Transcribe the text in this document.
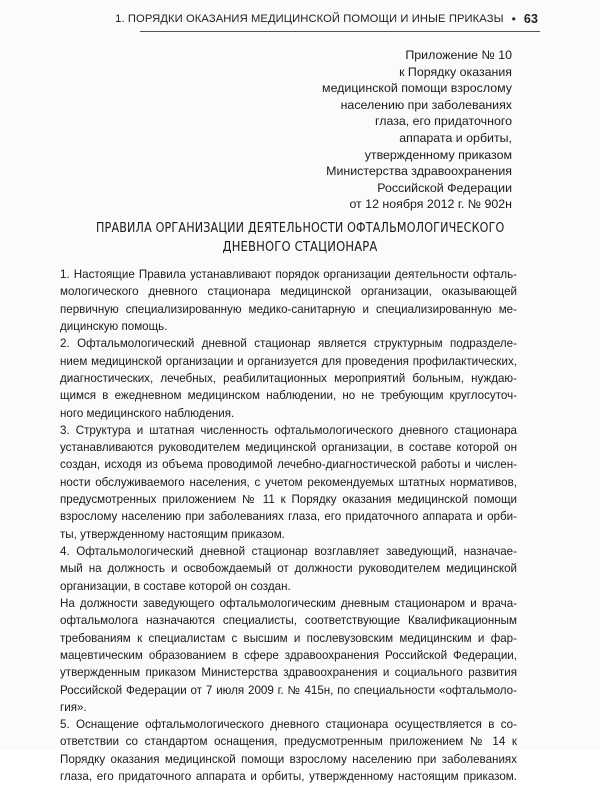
1. ПОРЯДКИ ОКАЗАНИЯ МЕДИЦИНСКОЙ ПОМОЩИ И ИНЫЕ ПРИКАЗЫ • 63
Приложение № 10
к Порядку оказания
медицинской помощи взрослому
населению при заболеваниях
глаза, его придаточного
аппарата и орбиты,
утвержденному приказом
Министерства здравоохранения
Российской Федерации
от 12 ноября 2012 г. № 902н
ПРАВИЛА ОРГАНИЗАЦИИ ДЕЯТЕЛЬНОСТИ ОФТАЛЬМОЛОГИЧЕСКОГО
ДНЕВНОГО СТАЦИОНАРА
1. Настоящие Правила устанавливают порядок организации деятельности офталь-
мологического дневного стационара медицинской организации, оказывающей
первичную специализированную медико-санитарную и специализированную ме-
дицинскую помощь.
2. Офтальмологический дневной стационар является структурным подразделе-
нием медицинской организации и организуется для проведения профилактических,
диагностических, лечебных, реабилитационных мероприятий больным, нуждаю-
щимся в ежедневном медицинском наблюдении, но не требующим круглосуточ-
ного медицинского наблюдения.
3. Структура и штатная численность офтальмологического дневного стационара
устанавливаются руководителем медицинской организации, в составе которой он
создан, исходя из объема проводимой лечебно-диагностической работы и числен-
ности обслуживаемого населения, с учетом рекомендуемых штатных нормативов,
предусмотренных приложением № 11 к Порядку оказания медицинской помощи
взрослому населению при заболеваниях глаза, его придаточного аппарата и орби-
ты, утвержденному настоящим приказом.
4. Офтальмологический дневной стационар возглавляет заведующий, назначае-
мый на должность и освобождаемый от должности руководителем медицинской
организации, в составе которой он создан.
На должности заведующего офтальмологическим дневным стационаром и врача-
офтальмолога назначаются специалисты, соответствующие Квалификационным
требованиям к специалистам с высшим и послевузовским медицинским и фар-
мацевтическим образованием в сфере здравоохранения Российской Федерации,
утвержденным приказом Министерства здравоохранения и социального развития
Российской Федерации от 7 июля 2009 г. № 415н, по специальности «офтальмоло-
гия».
5. Оснащение офтальмологического дневного стационара осуществляется в со-
ответствии со стандартом оснащения, предусмотренным приложением № 14 к
Порядку оказания медицинской помощи взрослому населению при заболеваниях
глаза, его придаточного аппарата и орбиты, утвержденному настоящим приказом.
